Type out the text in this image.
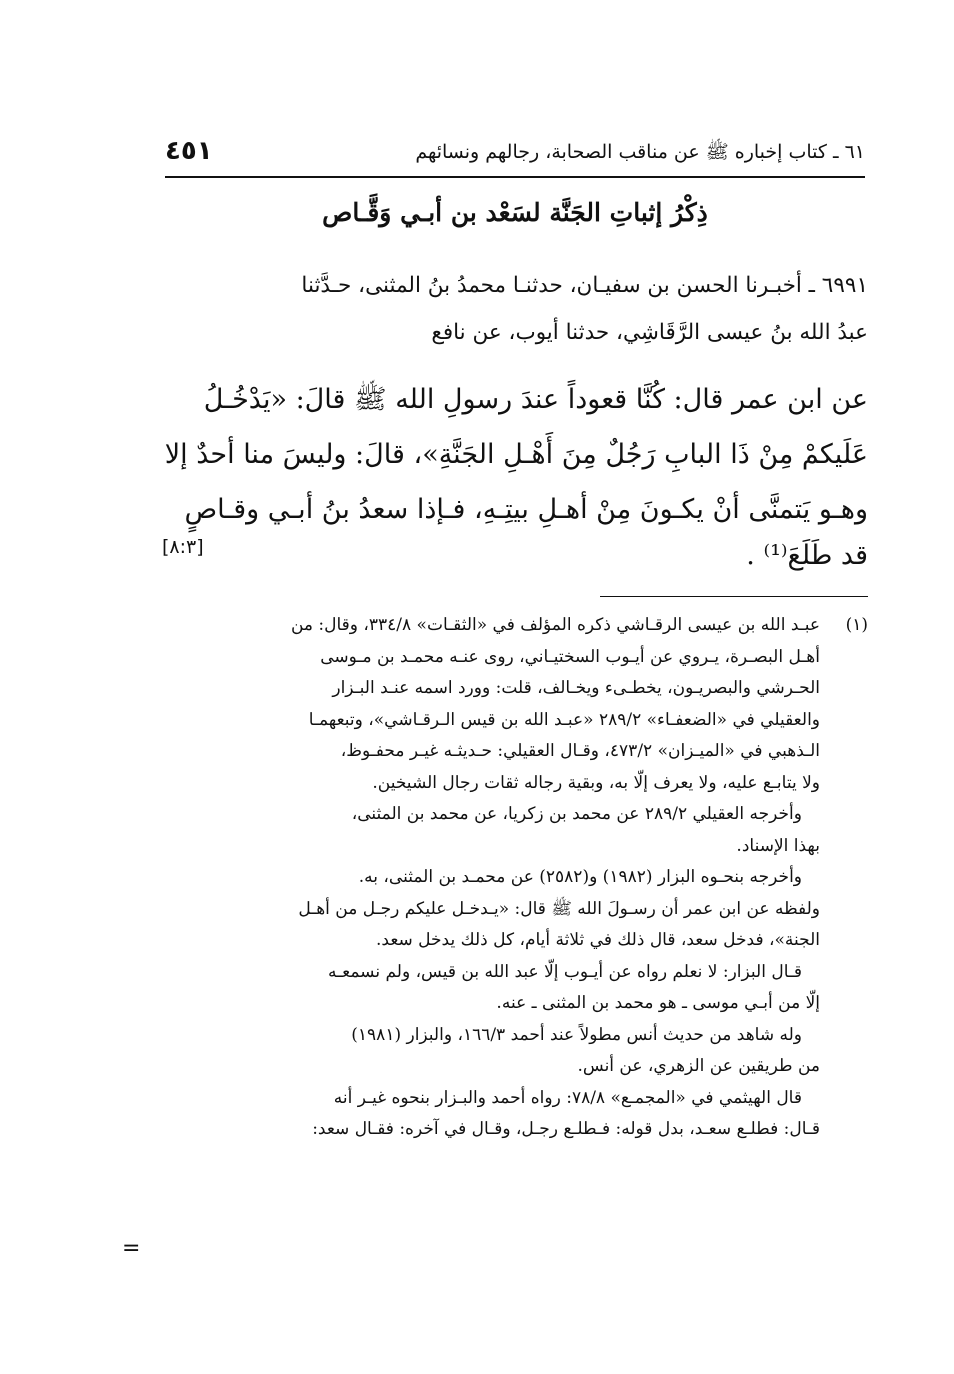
٤٥١	٦١ ـ كتاب إخباره ﷺ عن مناقب الصحابة، رجالهم ونسائهم
ذِكْرُ إثباتِ الجَنَّة لسَعْد بن أبـي وَقَّـاص
٦٩٩١ ـ أخبـرنا الحسن بن سفيـان، حدثنـا محمدُ بنُ المثنى، حـدَّثنا
عبدُ الله بنُ عيسى الرَّقَاشِي، حدثنا أيوب، عن نافع
عن ابن عمر قال: كُنَّا قعوداً عندَ رسولِ الله ﷺ قالَ: «يَدْخُـلُ
عَلَيكمْ مِنْ ذَا البابِ رَجُلٌ مِنَ أَهْـلِ الجَنَّةِ»، قالَ: وليسَ منا أحدٌ إلا
وهـو يَتمنَّى أنْ يكـونَ مِنْ أهـلِ بيتِـهِ، فـإذا سعدُ بنُ أبـي وقـاصٍ
قد طَلَعَ⁽¹⁾ .
[٨:٣]
(١)
عبـد الله بن عيسى الرقـاشي ذكره المؤلف في «الثقـات» ٣٣٤/٨، وقال: من
أهـل البصـرة، يـروي عن أيـوب السختيـاني، روى عنـه محمـد بن مـوسى
الحـرشي والبصريـون، يخطـىء ويخـالف، قلت: وورد اسمه عنـد البـزار
والعقيلي في «الضعفـاء» ٢٨٩/٢ «عبـد الله بن قيس الـرقـاشي»، وتبعهمـا
الـذهبي في «الميـزان» ٤٧٣/٢، وقـال العقيلي: حـديثـه غيـر محفـوظ،
ولا يتابـع عليه، ولا يعرف إلّا به، وبقية رجاله ثقات رجال الشيخين.
وأخرجه العقيلي ٢٨٩/٢ عن محمد بن زكريا، عن محمد بن المثنى،
بهذا الإسناد.
وأخرجه بنحـوه البزار (١٩٨٢) و(٢٥٨٢) عن محمـد بن المثنى، به.
ولفظه عن ابن عمر أن رسـولَ الله ﷺ قال: «يـدخـل عليكم رجـل من أهـل
الجنة»، فدخل سعد، قال ذلك في ثلاثة أيام، كل ذلك يدخل سعد.
قـال البزار: لا نعلم رواه عن أيـوب إلّا عبد الله بن قيس، ولم نسمعـه
إلّا من أبـي موسى ـ هو محمد بن المثنى ـ عنه.
وله شاهد من حديث أنس مطولاً عند أحمد ١٦٦/٣، والبزار (١٩٨١)
من طريقين عن الزهري، عن أنس.
قال الهيثمي في «المجمـع» ٧٨/٨: رواه أحمد والبـزار بنحوه غيـر أنه
قـال: فطلـع سعـد، بدل قوله: فـطلـع رجـل، وقـال في آخره: فقـال سعد:
=
